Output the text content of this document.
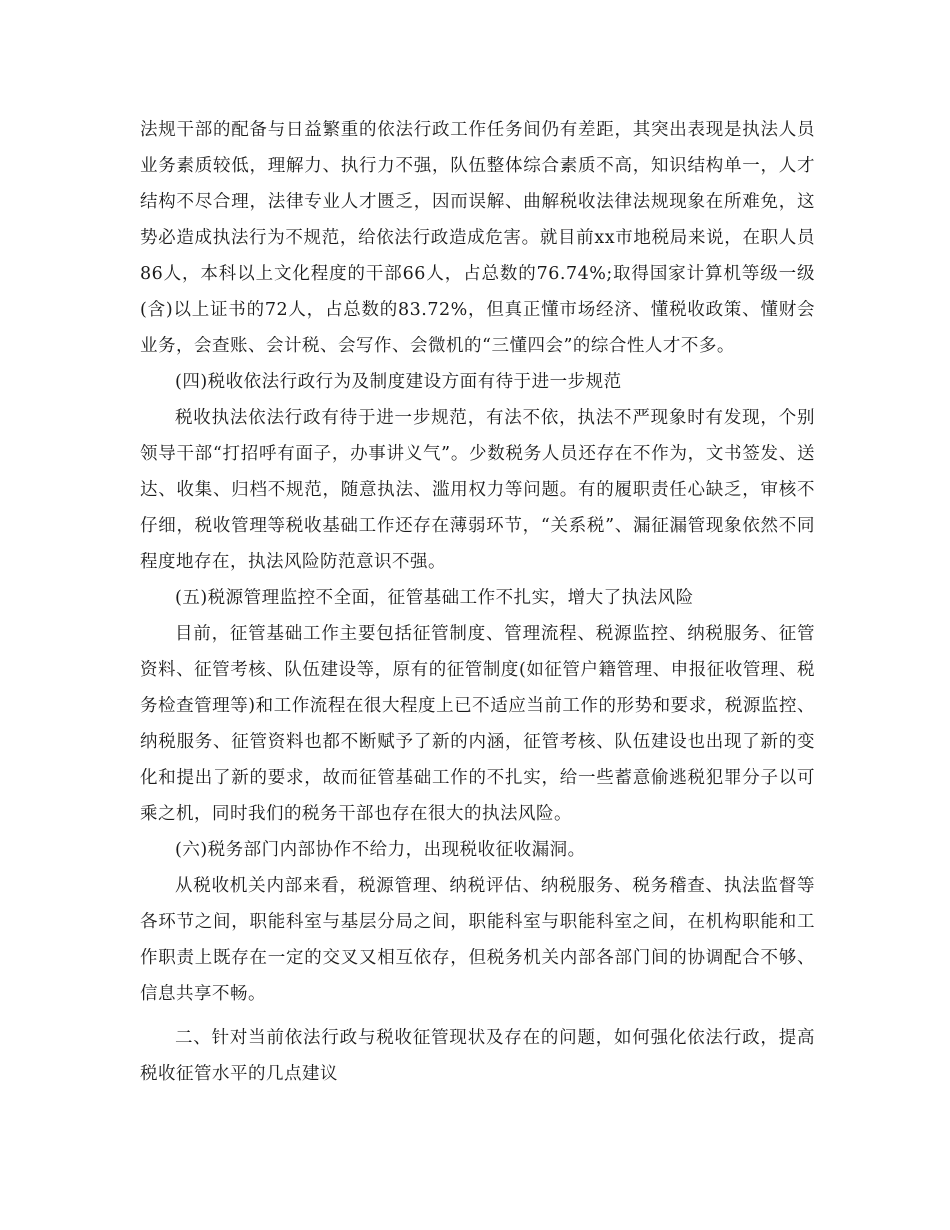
法规干部的配备与日益繁重的依法行政工作任务间仍有差距，其突出表现是执法人员业务素质较低，理解力、执行力不强，队伍整体综合素质不高，知识结构单一，人才结构不尽合理，法律专业人才匮乏，因而误解、曲解税收法律法规现象在所难免，这势必造成执法行为不规范，给依法行政造成危害。就目前xx市地税局来说，在职人员86人，本科以上文化程度的干部66人，占总数的76.74%;取得国家计算机等级一级(含)以上证书的72人，占总数的83.72%，但真正懂市场经济、懂税收政策、懂财会业务，会查账、会计税、会写作、会微机的“三懂四会”的综合性人才不多。

(四)税收依法行政行为及制度建设方面有待于进一步规范

税收执法依法行政有待于进一步规范，有法不依，执法不严现象时有发现，个别领导干部“打招呼有面子，办事讲义气”。少数税务人员还存在不作为，文书签发、送达、收集、归档不规范，随意执法、滥用权力等问题。有的履职责任心缺乏，审核不仔细，税收管理等税收基础工作还存在薄弱环节，“关系税”、漏征漏管现象依然不同程度地存在，执法风险防范意识不强。

(五)税源管理监控不全面，征管基础工作不扎实，增大了执法风险

目前，征管基础工作主要包括征管制度、管理流程、税源监控、纳税服务、征管资料、征管考核、队伍建设等，原有的征管制度(如征管户籍管理、申报征收管理、税务检查管理等)和工作流程在很大程度上已不适应当前工作的形势和要求，税源监控、纳税服务、征管资料也都不断赋予了新的内涵，征管考核、队伍建设也出现了新的变化和提出了新的要求，故而征管基础工作的不扎实，给一些蓄意偷逃税犯罪分子以可乘之机，同时我们的税务干部也存在很大的执法风险。

(六)税务部门内部协作不给力，出现税收征收漏洞。

从税收机关内部来看，税源管理、纳税评估、纳税服务、税务稽查、执法监督等各环节之间，职能科室与基层分局之间，职能科室与职能科室之间，在机构职能和工作职责上既存在一定的交叉又相互依存，但税务机关内部各部门间的协调配合不够、信息共享不畅。

二、针对当前依法行政与税收征管现状及存在的问题，如何强化依法行政，提高税收征管水平的几点建议
